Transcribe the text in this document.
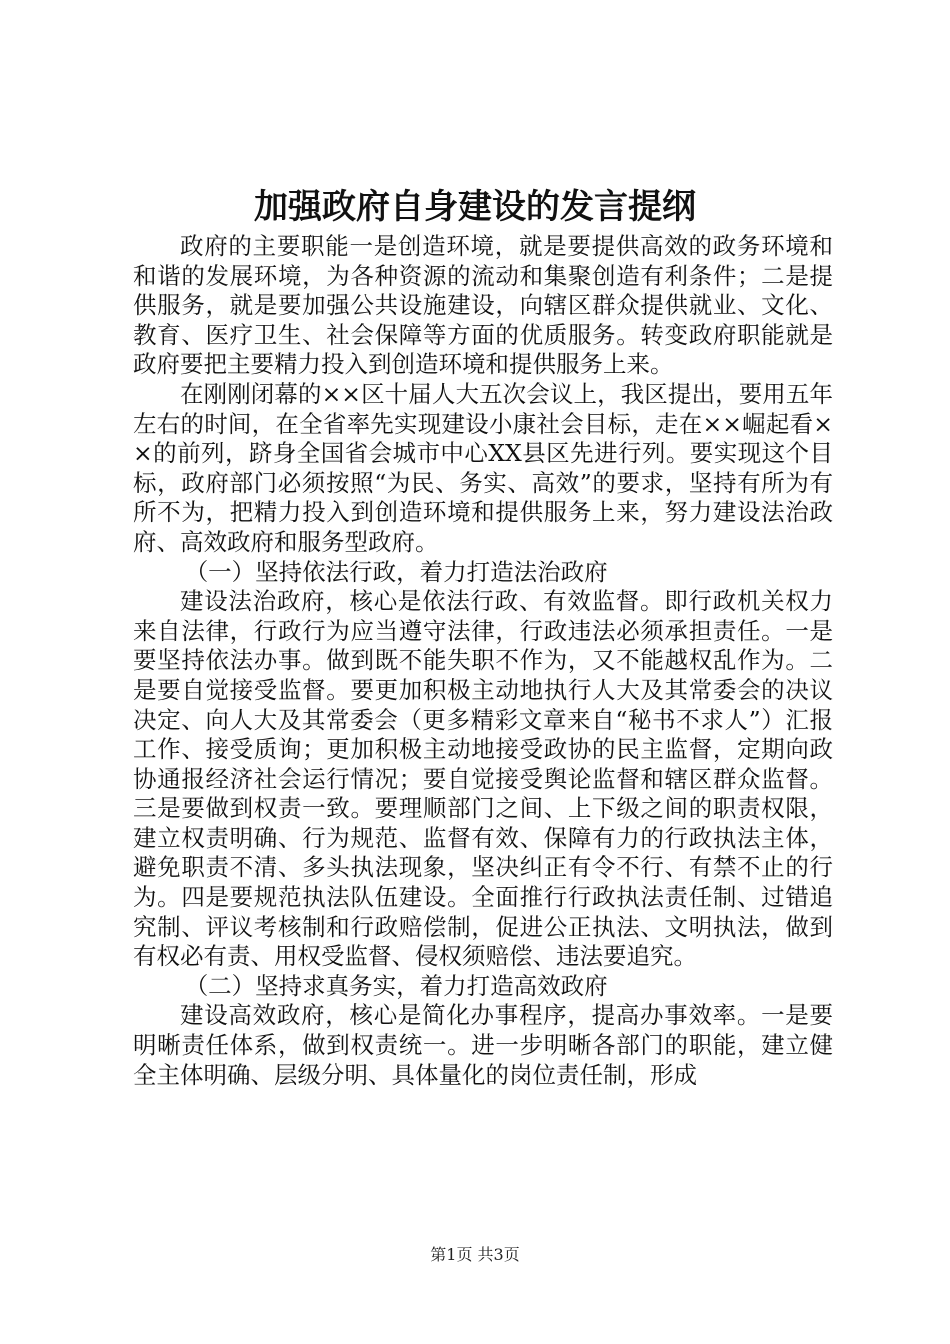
加强政府自身建设的发言提纲

政府的主要职能一是创造环境，就是要提供高效的政务环境和和谐的发展环境，为各种资源的流动和集聚创造有利条件；二是提供服务，就是要加强公共设施建设，向辖区群众提供就业、文化、教育、医疗卫生、社会保障等方面的优质服务。转变政府职能就是政府要把主要精力投入到创造环境和提供服务上来。

在刚刚闭幕的××区十届人大五次会议上，我区提出，要用五年左右的时间，在全省率先实现建设小康社会目标，走在××崛起看××的前列，跻身全国省会城市中心XX县区先进行列。要实现这个目标，政府部门必须按照“为民、务实、高效”的要求，坚持有所为有所不为，把精力投入到创造环境和提供服务上来，努力建设法治政府、高效政府和服务型政府。

（一）坚持依法行政，着力打造法治政府

建设法治政府，核心是依法行政、有效监督。即行政机关权力来自法律，行政行为应当遵守法律，行政违法必须承担责任。一是要坚持依法办事。做到既不能失职不作为，又不能越权乱作为。二是要自觉接受监督。要更加积极主动地执行人大及其常委会的决议决定、向人大及其常委会（更多精彩文章来自“秘书不求人”）汇报工作、接受质询；更加积极主动地接受政协的民主监督，定期向政协通报经济社会运行情况；要自觉接受舆论监督和辖区群众监督。三是要做到权责一致。要理顺部门之间、上下级之间的职责权限，建立权责明确、行为规范、监督有效、保障有力的行政执法主体，避免职责不清、多头执法现象，坚决纠正有令不行、有禁不止的行为。四是要规范执法队伍建设。全面推行行政执法责任制、过错追究制、评议考核制和行政赔偿制，促进公正执法、文明执法，做到有权必有责、用权受监督、侵权须赔偿、违法要追究。

（二）坚持求真务实，着力打造高效政府

建设高效政府，核心是简化办事程序，提高办事效率。一是要明晰责任体系，做到权责统一。进一步明晰各部门的职能，建立健全主体明确、层级分明、具体量化的岗位责任制，形成

第1页 共3页
